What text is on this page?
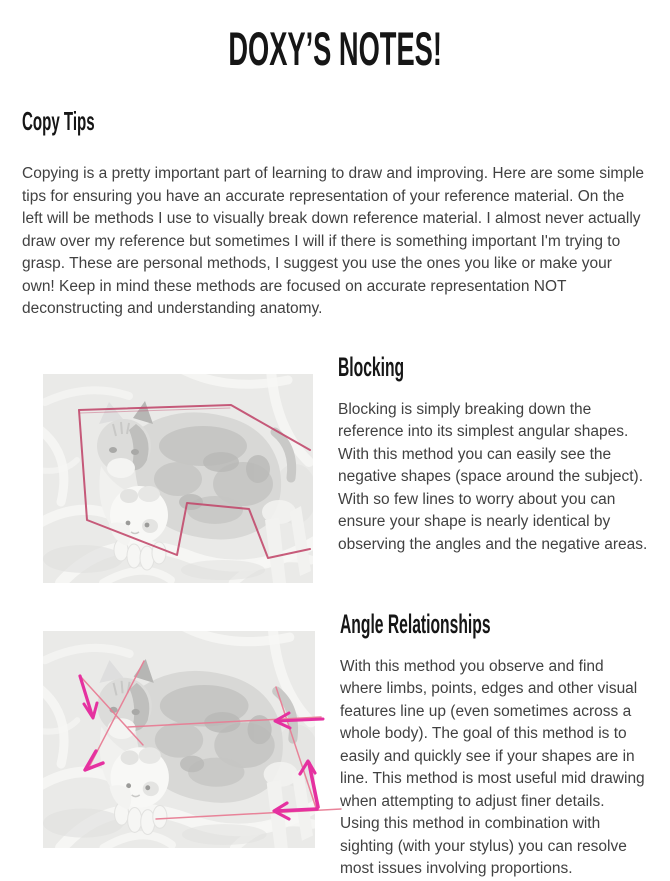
DOXY’S NOTES!
Copy Tips

Copying is a pretty important part of learning to draw and improving. Here are some simple tips for ensuring you have an accurate representation of your reference material. On the left will be methods I use to visually break down reference material. I almost never actually draw over my reference but sometimes I will if there is something important I'm trying to grasp. These are personal methods, I suggest you use the ones you like or make your own! Keep in mind these methods are focused on accurate representation NOT deconstructing and understanding anatomy.

Blocking

Blocking is simply breaking down the reference into its simplest angular shapes. With this method you can easily see the negative shapes (space around the subject). With so few lines to worry about you can ensure your shape is nearly identical by observing the angles and the negative areas.

Angle Relationships

With this method you observe and find where limbs, points, edges and other visual features line up (even sometimes across a whole body). The goal of this method is to easily and quickly see if your shapes are in line. This method is most useful mid drawing when attempting to adjust finer details. Using this method in combination with sighting (with your stylus) you can resolve most issues involving proportions.
